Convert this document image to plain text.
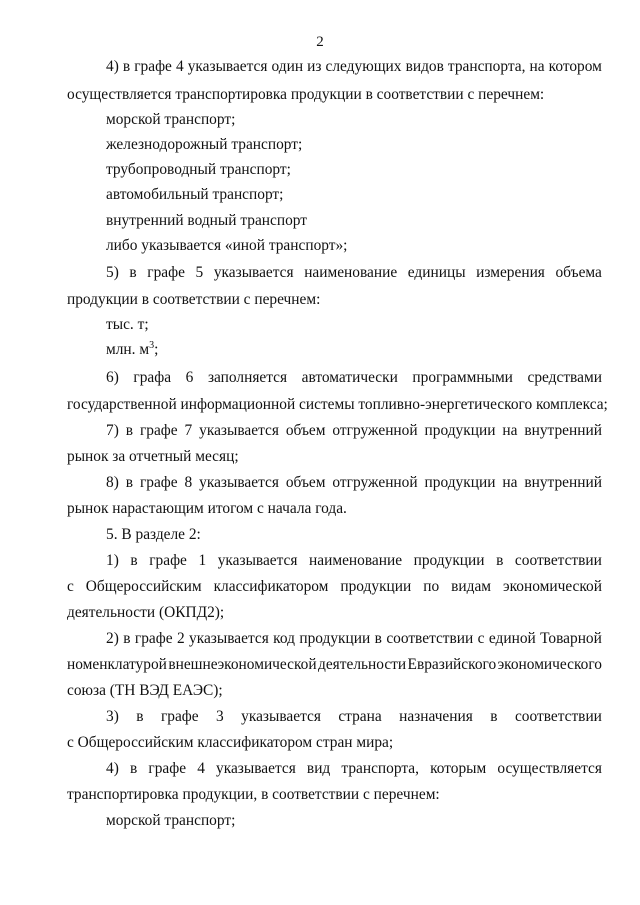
2
4) в графе 4 указывается один из следующих видов транспорта, на котором
осуществляется транспортировка продукции в соответствии с перечнем:
морской транспорт;
железнодорожный транспорт;
трубопроводный транспорт;
автомобильный транспорт;
внутренний водный транспорт
либо указывается «иной транспорт»;
5) в графе 5 указывается наименование единицы измерения объема
продукции в соответствии с перечнем:
тыс. т;
млн. $м^3$;
6) графа 6 заполняется автоматически программными средствами
государственной информационной системы топливно-энергетического комплекса;
7) в графе 7 указывается объем отгруженной продукции на внутренний
рынок за отчетный месяц;
8) в графе 8 указывается объем отгруженной продукции на внутренний
рынок нарастающим итогом с начала года.
5. В разделе 2:
1) в графе 1 указывается наименование продукции в соответствии
с Общероссийским классификатором продукции по видам экономической
деятельности (ОКПД2);
2) в графе 2 указывается код продукции в соответствии с единой Товарной
номенклатурой внешнеэкономической деятельности Евразийского экономического
союза (ТН ВЭД ЕАЭС);
3) в графе 3 указывается страна назначения в соответствии
с Общероссийским классификатором стран мира;
4) в графе 4 указывается вид транспорта, которым осуществляется
транспортировка продукции, в соответствии с перечнем:
морской транспорт;
